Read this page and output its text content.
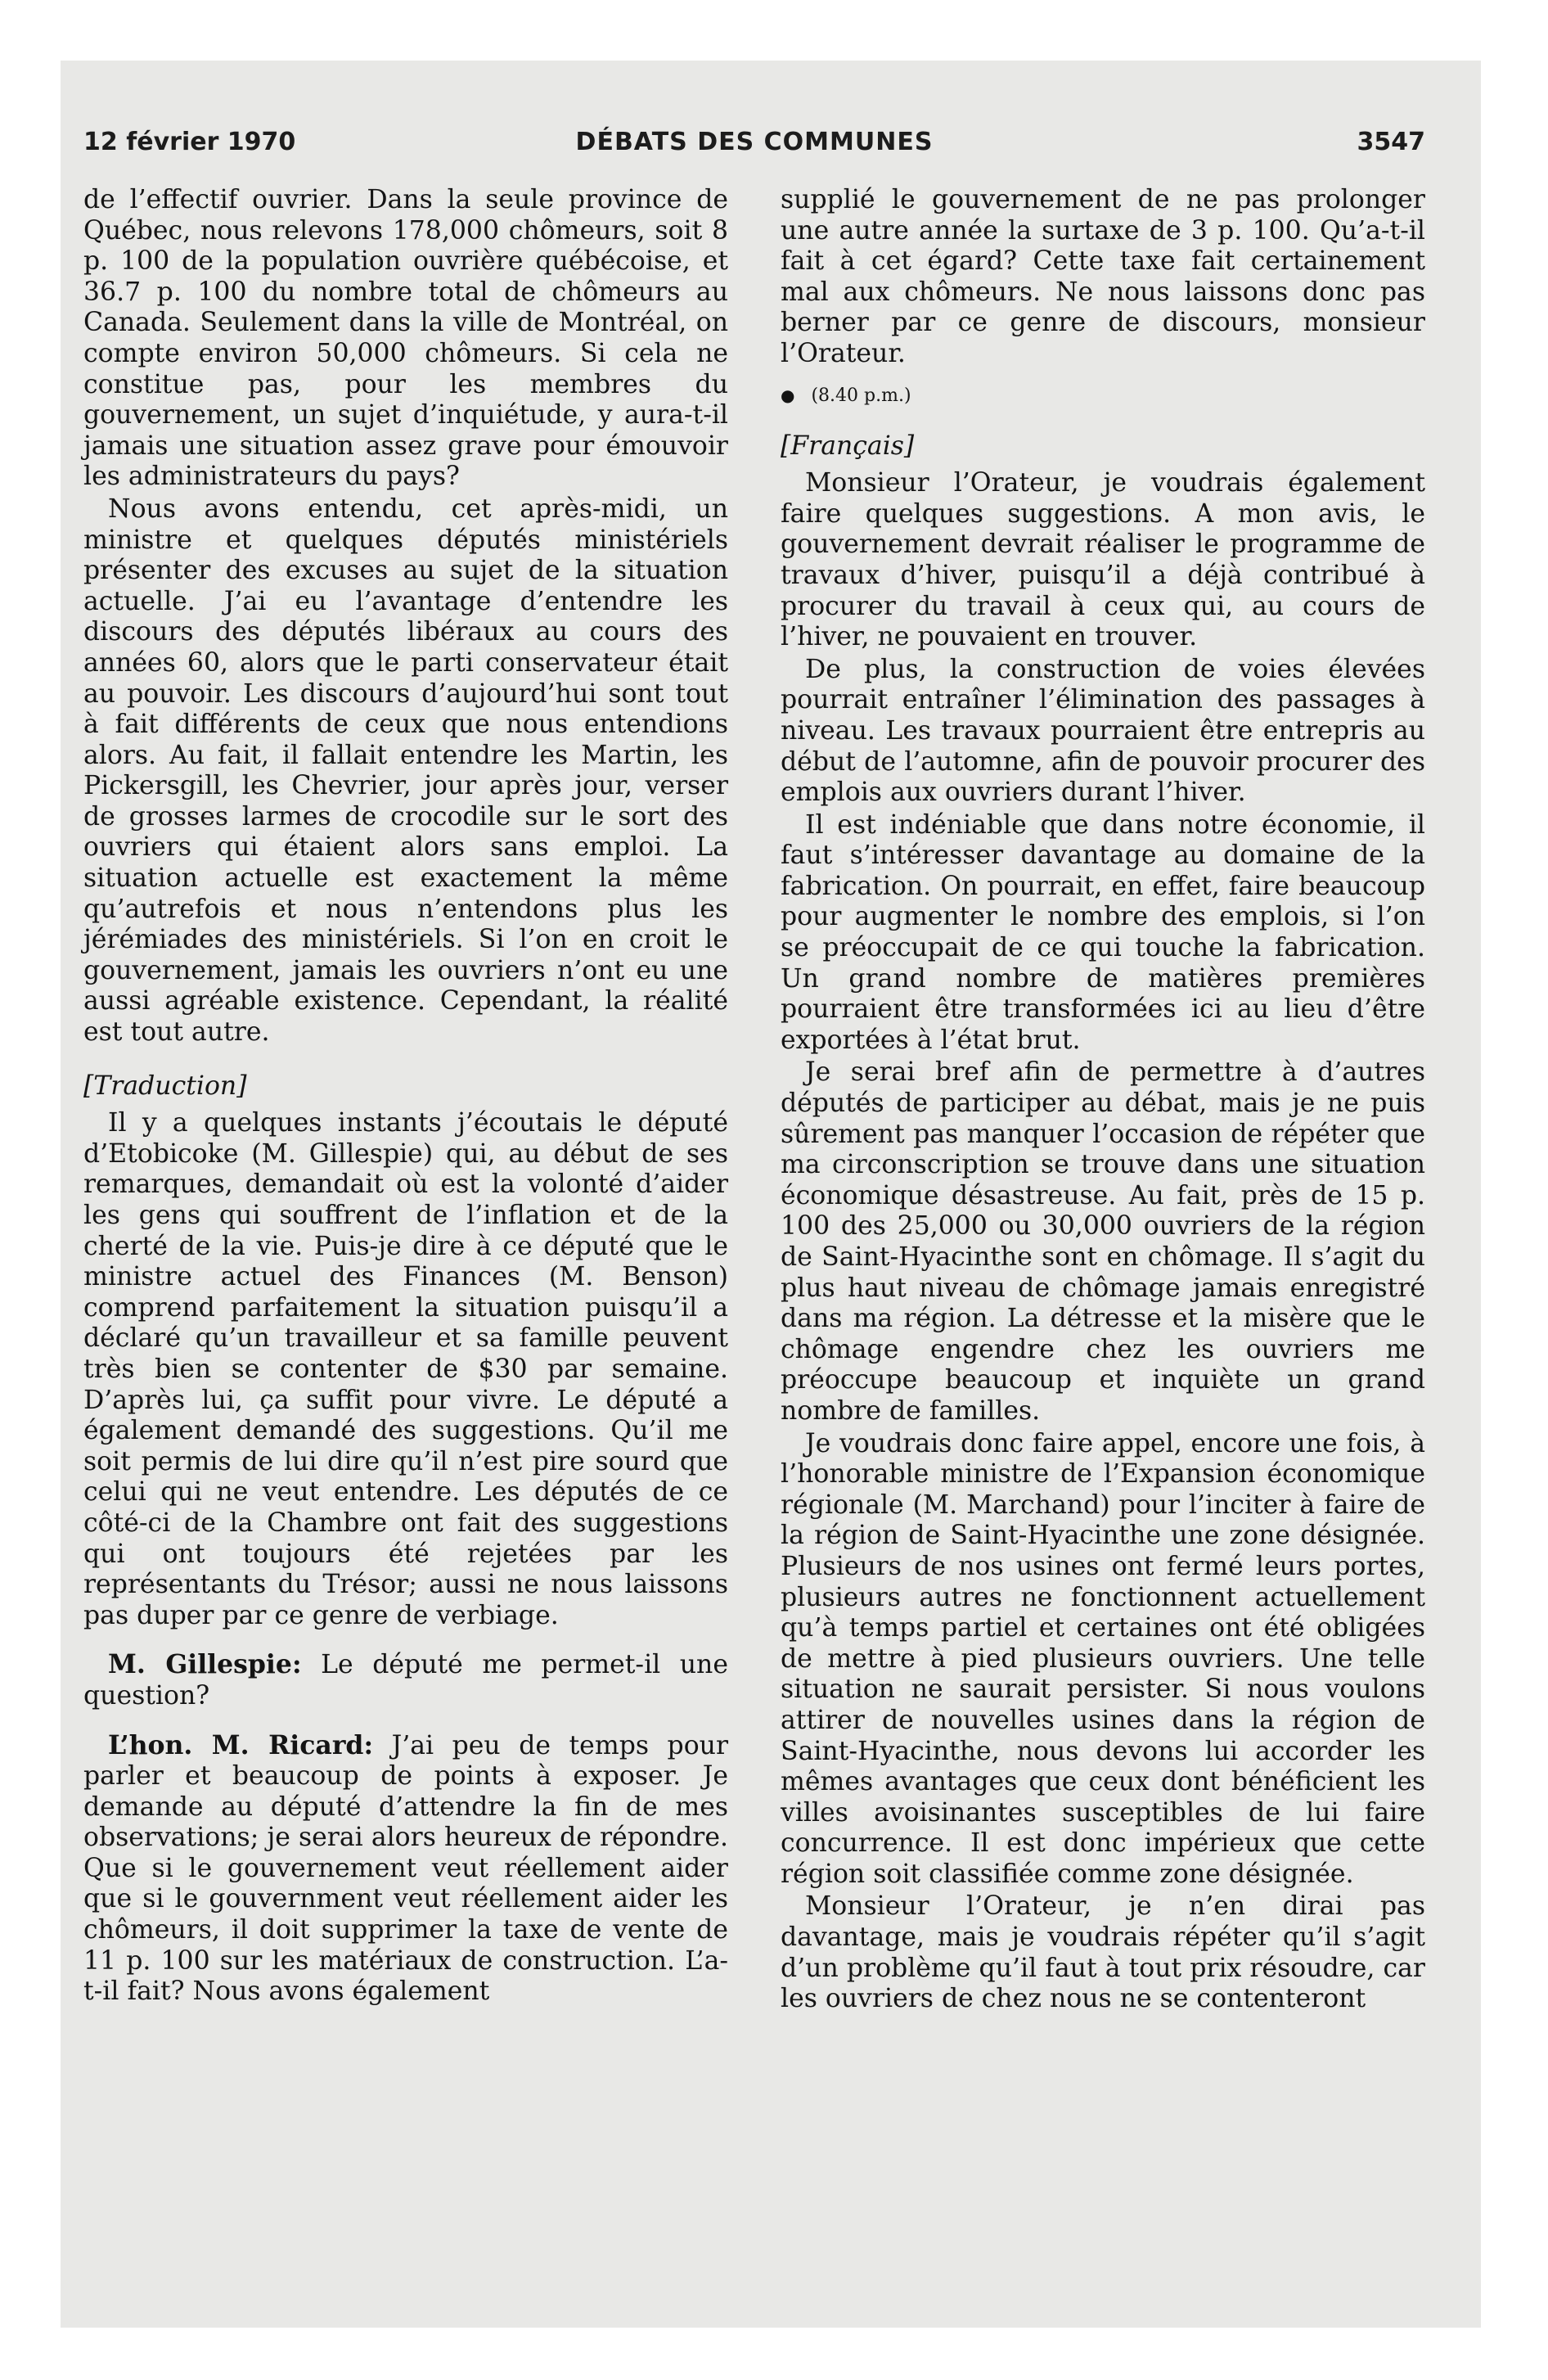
12 février 1970	DÉBATS DES COMMUNES	3547

de l’effectif ouvrier. Dans la seule province de Québec, nous relevons 178,000 chômeurs, soit 8 p. 100 de la population ouvrière québécoise, et 36.7 p. 100 du nombre total de chômeurs au Canada. Seulement dans la ville de Montréal, on compte environ 50,000 chômeurs. Si cela ne constitue pas, pour les membres du gouvernement, un sujet d’inquiétude, y aura-t-il jamais une situation assez grave pour émouvoir les administrateurs du pays?

Nous avons entendu, cet après-midi, un ministre et quelques députés ministériels présenter des excuses au sujet de la situation actuelle. J’ai eu l’avantage d’entendre les discours des députés libéraux au cours des années 60, alors que le parti conservateur était au pouvoir. Les discours d’aujourd’hui sont tout à fait différents de ceux que nous entendions alors. Au fait, il fallait entendre les Martin, les Pickersgill, les Chevrier, jour après jour, verser de grosses larmes de crocodile sur le sort des ouvriers qui étaient alors sans emploi. La situation actuelle est exactement la même qu’autrefois et nous n’entendons plus les jérémiades des ministériels. Si l’on en croit le gouvernement, jamais les ouvriers n’ont eu une aussi agréable existence. Cependant, la réalité est tout autre.

[Traduction]

Il y a quelques instants j’écoutais le député d’Etobicoke (M. Gillespie) qui, au début de ses remarques, demandait où est la volonté d’aider les gens qui souffrent de l’inflation et de la cherté de la vie. Puis-je dire à ce député que le ministre actuel des Finances (M. Benson) comprend parfaitement la situation puisqu’il a déclaré qu’un travailleur et sa famille peuvent très bien se contenter de $30 par semaine. D’après lui, ça suffit pour vivre. Le député a également demandé des suggestions. Qu’il me soit permis de lui dire qu’il n’est pire sourd que celui qui ne veut entendre. Les députés de ce côté-ci de la Chambre ont fait des suggestions qui ont toujours été rejetées par les représentants du Trésor; aussi ne nous laissons pas duper par ce genre de verbiage.

M. Gillespie: Le député me permet-il une question?

L’hon. M. Ricard: J’ai peu de temps pour parler et beaucoup de points à exposer. Je demande au député d’attendre la fin de mes observations; je serai alors heureux de répondre. Que si le gouvernement veut réellement aider que si le gouvernment veut réellement aider les chômeurs, il doit supprimer la taxe de vente de 11 p. 100 sur les matériaux de construction. L’a-t-il fait? Nous avons également

supplié le gouvernement de ne pas prolonger une autre année la surtaxe de 3 p. 100. Qu’a-t-il fait à cet égard? Cette taxe fait certainement mal aux chômeurs. Ne nous laissons donc pas berner par ce genre de discours, monsieur l’Orateur.

● (8.40 p.m.)

[Français]

Monsieur l’Orateur, je voudrais également faire quelques suggestions. A mon avis, le gouvernement devrait réaliser le programme de travaux d’hiver, puisqu’il a déjà contribué à procurer du travail à ceux qui, au cours de l’hiver, ne pouvaient en trouver.

De plus, la construction de voies élevées pourrait entraîner l’élimination des passages à niveau. Les travaux pourraient être entrepris au début de l’automne, afin de pouvoir procurer des emplois aux ouvriers durant l’hiver.

Il est indéniable que dans notre économie, il faut s’intéresser davantage au domaine de la fabrication. On pourrait, en effet, faire beaucoup pour augmenter le nombre des emplois, si l’on se préoccupait de ce qui touche la fabrication. Un grand nombre de matières premières pourraient être transformées ici au lieu d’être exportées à l’état brut.

Je serai bref afin de permettre à d’autres députés de participer au débat, mais je ne puis sûrement pas manquer l’occasion de répéter que ma circonscription se trouve dans une situation économique désastreuse. Au fait, près de 15 p. 100 des 25,000 ou 30,000 ouvriers de la région de Saint-Hyacinthe sont en chômage. Il s’agit du plus haut niveau de chômage jamais enregistré dans ma région. La détresse et la misère que le chômage engendre chez les ouvriers me préoccupe beaucoup et inquiète un grand nombre de familles.

Je voudrais donc faire appel, encore une fois, à l’honorable ministre de l’Expansion économique régionale (M. Marchand) pour l’inciter à faire de la région de Saint-Hyacinthe une zone désignée. Plusieurs de nos usines ont fermé leurs portes, plusieurs autres ne fonctionnent actuellement qu’à temps partiel et certaines ont été obligées de mettre à pied plusieurs ouvriers. Une telle situation ne saurait persister. Si nous voulons attirer de nouvelles usines dans la région de Saint-Hyacinthe, nous devons lui accorder les mêmes avantages que ceux dont bénéficient les villes avoisinantes susceptibles de lui faire concurrence. Il est donc impérieux que cette région soit classifiée comme zone désignée.

Monsieur l’Orateur, je n’en dirai pas davantage, mais je voudrais répéter qu’il s’agit d’un problème qu’il faut à tout prix résoudre, car les ouvriers de chez nous ne se contenteront
